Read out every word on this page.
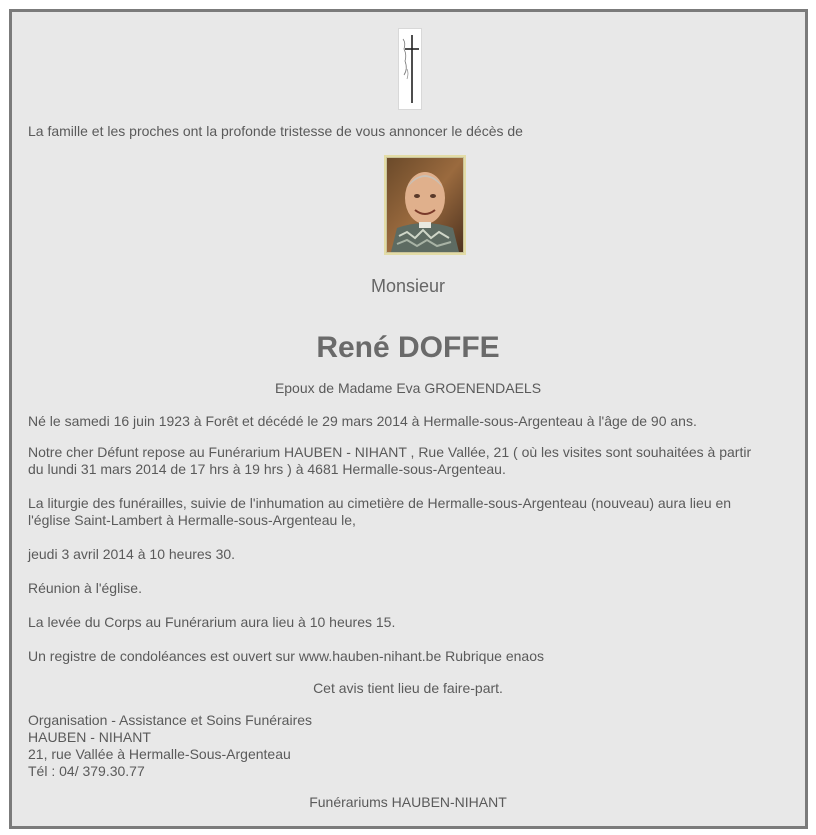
La famille et les proches ont la profonde tristesse de vous annoncer le décès de
Monsieur
René DOFFE
Epoux de Madame Eva GROENENDAELS
Né le samedi 16 juin 1923 à Forêt et décédé le 29 mars 2014 à Hermalle-sous-Argenteau à l'âge de 90 ans.
Notre cher Défunt repose au Funérarium HAUBEN - NIHANT , Rue Vallée, 21 ( où les visites sont souhaitées à partir
du lundi 31 mars 2014 de 17 hrs à 19 hrs ) à 4681 Hermalle-sous-Argenteau.
La liturgie des funérailles, suivie de l'inhumation au cimetière de Hermalle-sous-Argenteau (nouveau) aura lieu en
l'église Saint-Lambert à Hermalle-sous-Argenteau le,
jeudi 3 avril 2014 à 10 heures 30.
Réunion à l'église.
La levée du Corps au Funérarium aura lieu à 10 heures 15.
Un registre de condoléances est ouvert sur www.hauben-nihant.be Rubrique enaos
Cet avis tient lieu de faire-part.
Organisation - Assistance et Soins Funéraires
HAUBEN - NIHANT
21, rue Vallée à Hermalle-Sous-Argenteau
Tél : 04/ 379.30.77
Funérariums HAUBEN-NIHANT
